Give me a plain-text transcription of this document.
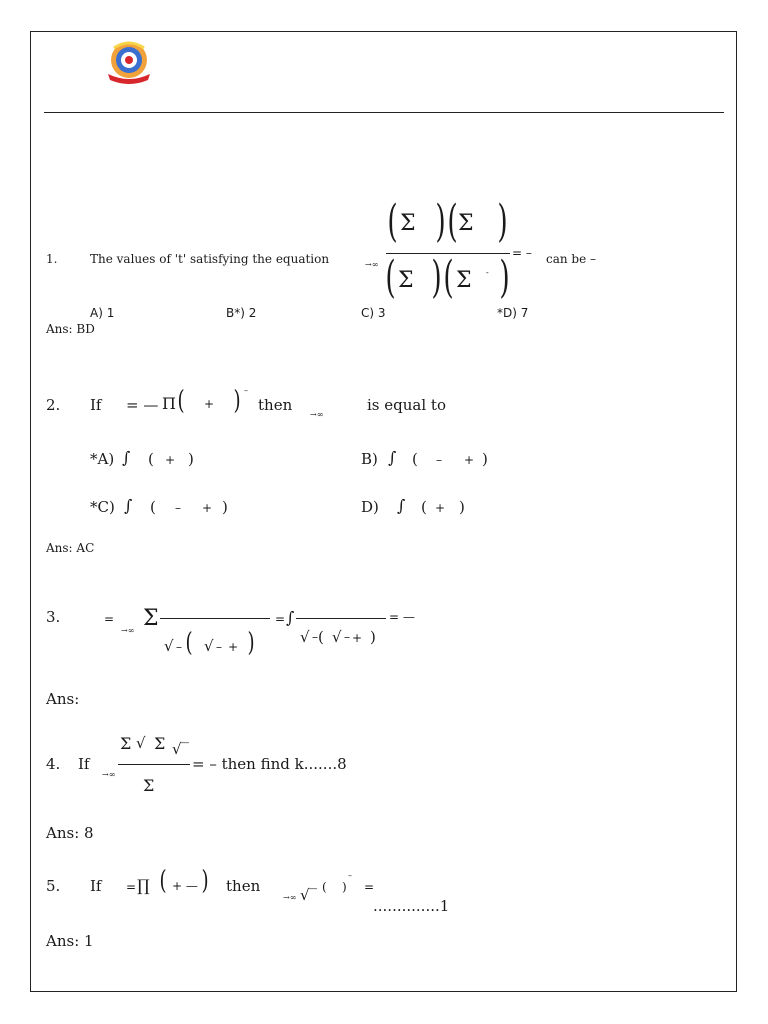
1.	The values of 't' satisfying the equation	→∞
( Σ ) ( Σ )
( Σ ) ( Σ - ) = – can be –
A) 1	B*) 2	C) 3	*D) 7
Ans: BD
2. If = — Π ( + ) –
then
→∞
is equal to
*A) ∫ ( + )	B) ∫ ( – + )
*C) ∫ ( – + )	D) ∫ ( + )
Ans: AC
3.	=
→∞ Σ
√ – ( √ – + )
= ∫
√ – ( √ – + )
= —
Ans:
4. If
→∞
Σ √ Σ √‾
Σ
= – then find k.......8
Ans: 8
5. If = ∏ ( + — ) then
→∞ √‾ ( )
–
=
..............1
Ans: 1
